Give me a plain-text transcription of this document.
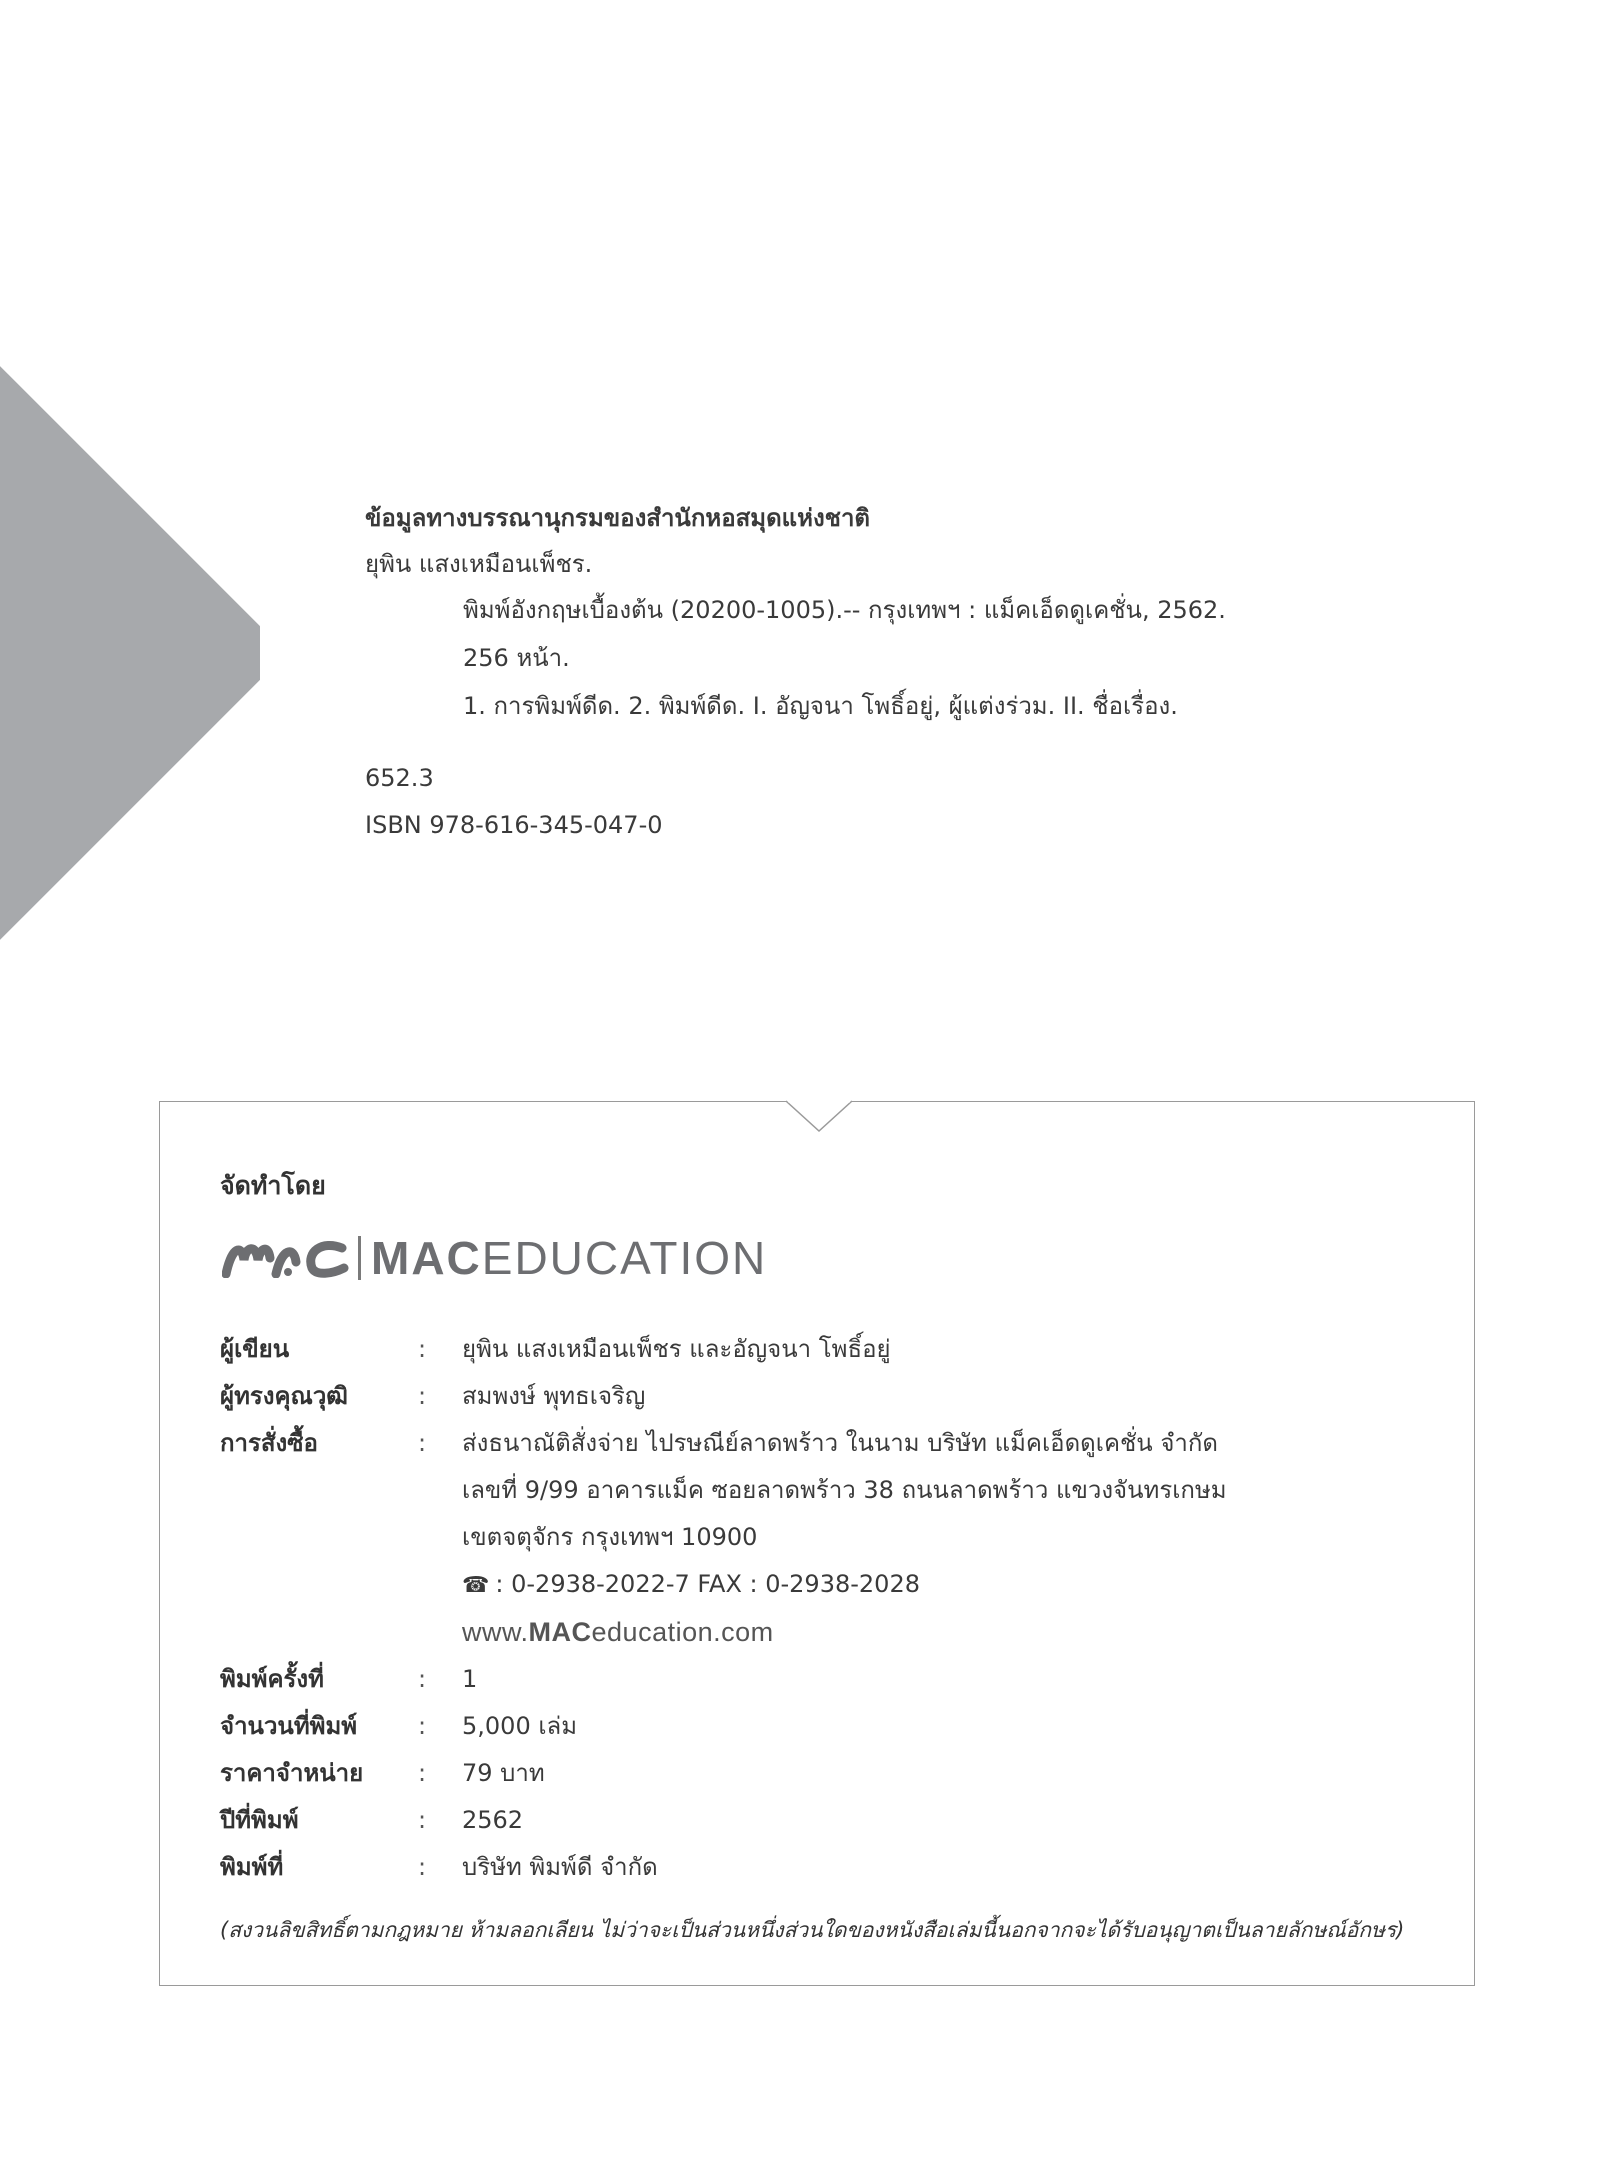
ข้อมูลทางบรรณานุกรมของสำนักหอสมุดแห่งชาติ
ยุพิน แสงเหมือนเพ็ชร.
พิมพ์อังกฤษเบื้องต้น (20200-1005).-- กรุงเทพฯ : แม็คเอ็ดดูเคชั่น, 2562.
256 หน้า.
1. การพิมพ์ดีด. 2. พิมพ์ดีด. I. อัญจนา โพธิ์อยู่, ผู้แต่งร่วม. II. ชื่อเรื่อง.
652.3
ISBN 978-616-345-047-0
จัดทำโดย
MAC EDUCATION
ผู้เขียน	:	ยุพิน แสงเหมือนเพ็ชร และอัญจนา โพธิ์อยู่
ผู้ทรงคุณวุฒิ	:	สมพงษ์ พุทธเจริญ
การสั่งซื้อ	:	ส่งธนาณัติสั่งจ่าย ไปรษณีย์ลาดพร้าว ในนาม บริษัท แม็คเอ็ดดูเคชั่น จำกัด
เลขที่ 9/99 อาคารแม็ค ซอยลาดพร้าว 38 ถนนลาดพร้าว แขวงจันทรเกษม
เขตจตุจักร กรุงเทพฯ 10900
☎ : 0-2938-2022-7 FAX : 0-2938-2028
www.MACeducation.com
พิมพ์ครั้งที่	:	1
จำนวนที่พิมพ์	:	5,000 เล่ม
ราคาจำหน่าย	:	79 บาท
ปีที่พิมพ์	:	2562
พิมพ์ที่	:	บริษัท พิมพ์ดี จำกัด
(สงวนลิขสิทธิ์ตามกฎหมาย ห้ามลอกเลียน ไม่ว่าจะเป็นส่วนหนึ่งส่วนใดของหนังสือเล่มนี้นอกจากจะได้รับอนุญาตเป็นลายลักษณ์อักษร)
